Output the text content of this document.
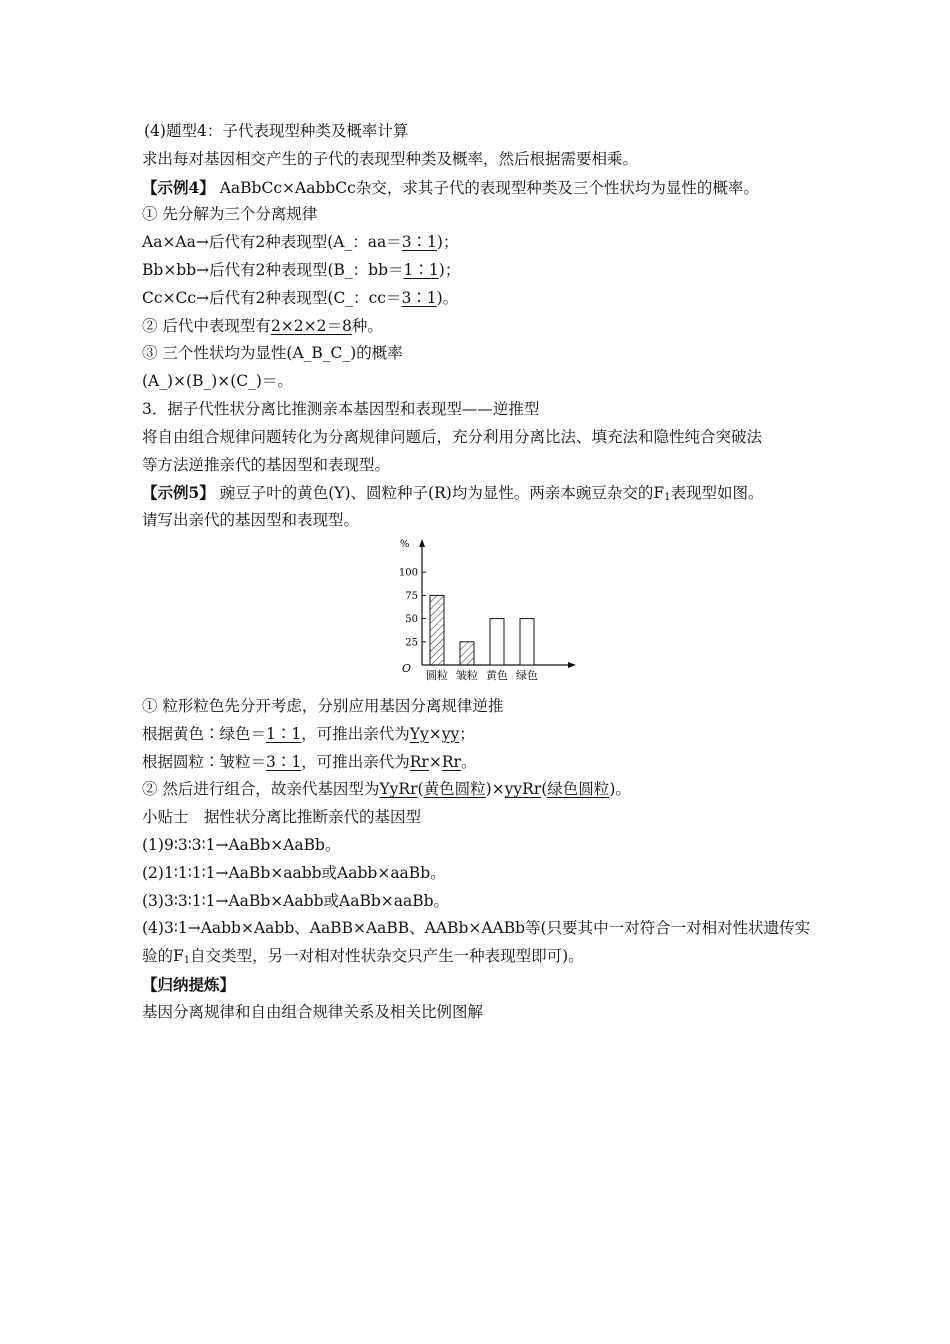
(4)题型4：子代表现型种类及概率计算
求出每对基因相交产生的子代的表现型种类及概率，然后根据需要相乘。
【示例4】 AaBbCc×AabbCc杂交，求其子代的表现型种类及三个性状均为显性的概率。
① 先分解为三个分离规律
Aa×Aa→后代有2种表现型(A_：aa＝3∶1)；
Bb×bb→后代有2种表现型(B_：bb＝1∶1)；
Cc×Cc→后代有2种表现型(C_：cc＝3∶1)。
② 后代中表现型有2×2×2＝8种。
③ 三个性状均为显性(A_B_C_)的概率
(A_)×(B_)×(C_)＝。
3．据子代性状分离比推测亲本基因型和表现型——逆推型
将自由组合规律问题转化为分离规律问题后，充分利用分离比法、填充法和隐性纯合突破法
等方法逆推亲代的基因型和表现型。
【示例5】 豌豆子叶的黄色(Y)、圆粒种子(R)均为显性。两亲本豌豆杂交的$F_1$表现型如图。
请写出亲代的基因型和表现型。
%
O
25
50
75
100
圆粒 皱粒 黄色 绿色
① 粒形粒色先分开考虑，分别应用基因分离规律逆推
根据黄色∶绿色＝1∶1，可推出亲代为Yy×yy；
根据圆粒∶皱粒＝3∶1，可推出亲代为Rr×Rr。
② 然后进行组合，故亲代基因型为YyRr(黄色圆粒)×yyRr(绿色圆粒)。
小贴士　据性状分离比推断亲代的基因型
(1)9∶3∶3∶1→AaBb×AaBb。
(2)1∶1∶1∶1→AaBb×aabb或Aabb×aaBb。
(3)3∶3∶1∶1→AaBb×Aabb或AaBb×aaBb。
(4)3∶1→Aabb×Aabb、AaBB×AaBB、AABb×AABb等(只要其中一对符合一对相对性状遗传实
验的$F_1$自交类型，另一对相对性状杂交只产生一种表现型即可)。
【归纳提炼】
基因分离规律和自由组合规律关系及相关比例图解
